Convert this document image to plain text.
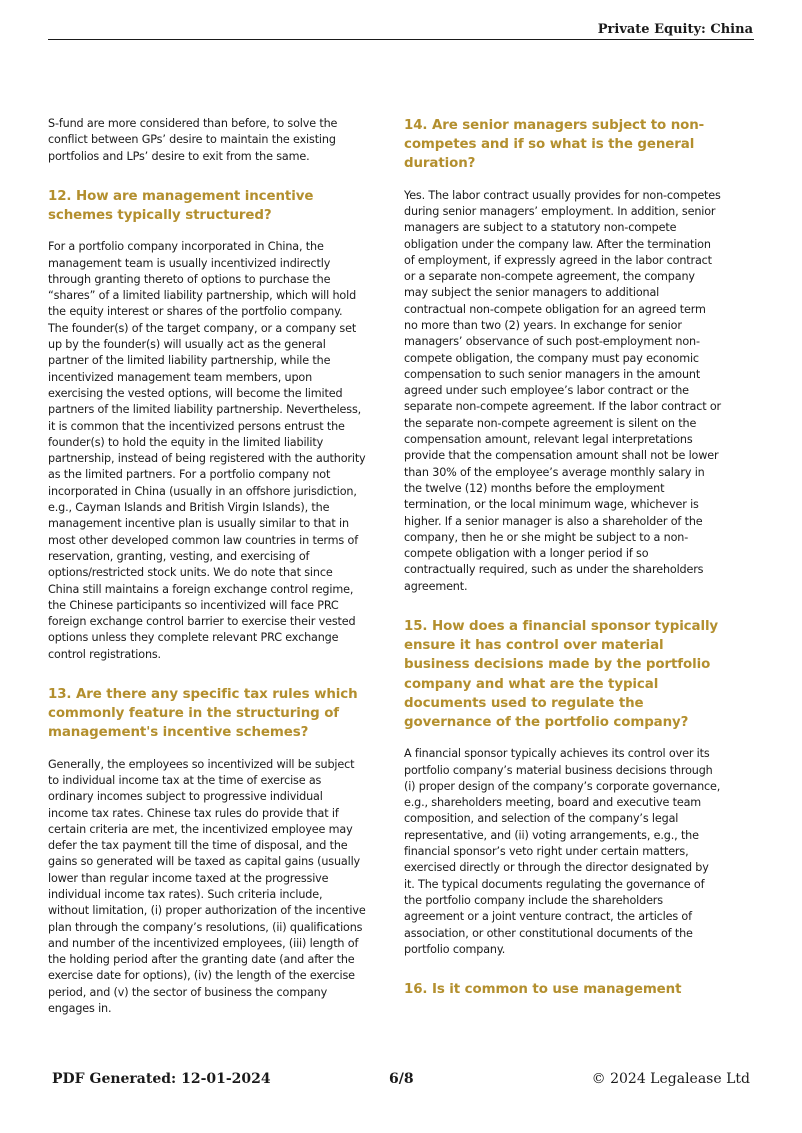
Private Equity: China

S-fund are more considered than before, to solve the conflict between GPs’ desire to maintain the existing portfolios and LPs’ desire to exit from the same.

12. How are management incentive schemes typically structured?

For a portfolio company incorporated in China, the management team is usually incentivized indirectly through granting thereto of options to purchase the “shares” of a limited liability partnership, which will hold the equity interest or shares of the portfolio company. The founder(s) of the target company, or a company set up by the founder(s) will usually act as the general partner of the limited liability partnership, while the incentivized management team members, upon exercising the vested options, will become the limited partners of the limited liability partnership. Nevertheless, it is common that the incentivized persons entrust the founder(s) to hold the equity in the limited liability partnership, instead of being registered with the authority as the limited partners. For a portfolio company not incorporated in China (usually in an offshore jurisdiction, e.g., Cayman Islands and British Virgin Islands), the management incentive plan is usually similar to that in most other developed common law countries in terms of reservation, granting, vesting, and exercising of options/restricted stock units. We do note that since China still maintains a foreign exchange control regime, the Chinese participants so incentivized will face PRC foreign exchange control barrier to exercise their vested options unless they complete relevant PRC exchange control registrations.

13. Are there any specific tax rules which commonly feature in the structuring of management's incentive schemes?

Generally, the employees so incentivized will be subject to individual income tax at the time of exercise as ordinary incomes subject to progressive individual income tax rates. Chinese tax rules do provide that if certain criteria are met, the incentivized employee may defer the tax payment till the time of disposal, and the gains so generated will be taxed as capital gains (usually lower than regular income taxed at the progressive individual income tax rates). Such criteria include, without limitation, (i) proper authorization of the incentive plan through the company’s resolutions, (ii) qualifications and number of the incentivized employees, (iii) length of the holding period after the granting date (and after the exercise date for options), (iv) the length of the exercise period, and (v) the sector of business the company engages in.

14. Are senior managers subject to non-competes and if so what is the general duration?

Yes. The labor contract usually provides for non-competes during senior managers’ employment. In addition, senior managers are subject to a statutory non-compete obligation under the company law. After the termination of employment, if expressly agreed in the labor contract or a separate non-compete agreement, the company may subject the senior managers to additional contractual non-compete obligation for an agreed term no more than two (2) years. In exchange for senior managers’ observance of such post-employment non-compete obligation, the company must pay economic compensation to such senior managers in the amount agreed under such employee’s labor contract or the separate non-compete agreement. If the labor contract or the separate non-compete agreement is silent on the compensation amount, relevant legal interpretations provide that the compensation amount shall not be lower than 30% of the employee’s average monthly salary in the twelve (12) months before the employment termination, or the local minimum wage, whichever is higher. If a senior manager is also a shareholder of the company, then he or she might be subject to a non-compete obligation with a longer period if so contractually required, such as under the shareholders agreement.

15. How does a financial sponsor typically ensure it has control over material business decisions made by the portfolio company and what are the typical documents used to regulate the governance of the portfolio company?

A financial sponsor typically achieves its control over its portfolio company’s material business decisions through (i) proper design of the company’s corporate governance, e.g., shareholders meeting, board and executive team composition, and selection of the company’s legal representative, and (ii) voting arrangements, e.g., the financial sponsor’s veto right under certain matters, exercised directly or through the director designated by it. The typical documents regulating the governance of the portfolio company include the shareholders agreement or a joint venture contract, the articles of association, or other constitutional documents of the portfolio company.

16. Is it common to use management
PDF Generated: 12-01-2024	6/8	© 2024 Legalease Ltd
